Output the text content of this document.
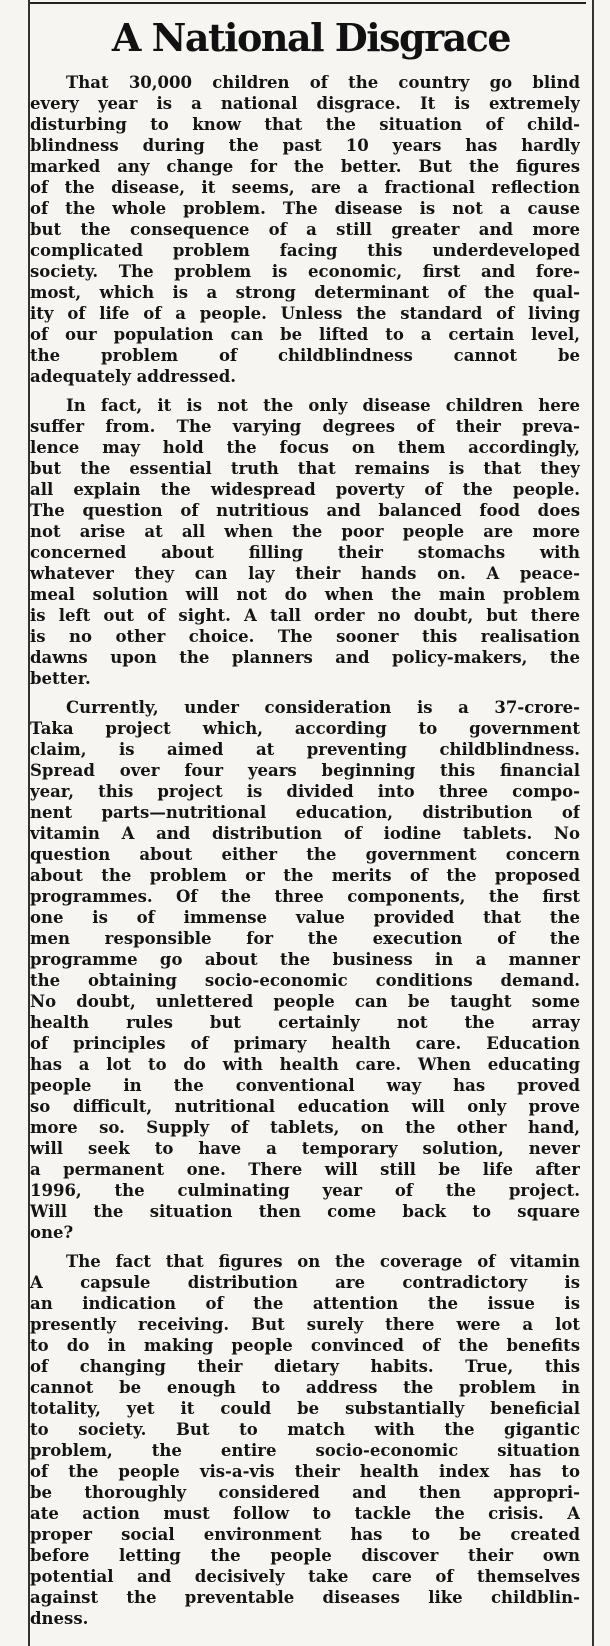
A National Disgrace
That 30,000 children of the country go blind
every year is a national disgrace. It is extremely
disturbing to know that the situation of child-
blindness during the past 10 years has hardly
marked any change for the better. But the figures
of the disease, it seems, are a fractional reflection
of the whole problem. The disease is not a cause
but the consequence of a still greater and more
complicated problem facing this underdeveloped
society. The problem is economic, first and fore-
most, which is a strong determinant of the qual-
ity of life of a people. Unless the standard of living
of our population can be lifted to a certain level,
the problem of childblindness cannot be
adequately addressed.
In fact, it is not the only disease children here
suffer from. The varying degrees of their preva-
lence may hold the focus on them accordingly,
but the essential truth that remains is that they
all explain the widespread poverty of the people.
The question of nutritious and balanced food does
not arise at all when the poor people are more
concerned about filling their stomachs with
whatever they can lay their hands on. A peace-
meal solution will not do when the main problem
is left out of sight. A tall order no doubt, but there
is no other choice. The sooner this realisation
dawns upon the planners and policy-makers, the
better.
Currently, under consideration is a 37-crore-
Taka project which, according to government
claim, is aimed at preventing childblindness.
Spread over four years beginning this financial
year, this project is divided into three compo-
nent parts—nutritional education, distribution of
vitamin A and distribution of iodine tablets. No
question about either the government concern
about the problem or the merits of the proposed
programmes. Of the three components, the first
one is of immense value provided that the
men responsible for the execution of the
programme go about the business in a manner
the obtaining socio-economic conditions demand.
No doubt, unlettered people can be taught some
health rules but certainly not the array
of principles of primary health care. Education
has a lot to do with health care. When educating
people in the conventional way has proved
so difficult, nutritional education will only prove
more so. Supply of tablets, on the other hand,
will seek to have a temporary solution, never
a permanent one. There will still be life after
1996, the culminating year of the project.
Will the situation then come back to square
one?
The fact that figures on the coverage of vitamin
A capsule distribution are contradictory is
an indication of the attention the issue is
presently receiving. But surely there were a lot
to do in making people convinced of the benefits
of changing their dietary habits. True, this
cannot be enough to address the problem in
totality, yet it could be substantially beneficial
to society. But to match with the gigantic
problem, the entire socio-economic situation
of the people vis-a-vis their health index has to
be thoroughly considered and then appropri-
ate action must follow to tackle the crisis. A
proper social environment has to be created
before letting the people discover their own
potential and decisively take care of themselves
against the preventable diseases like childblin-
dness.
